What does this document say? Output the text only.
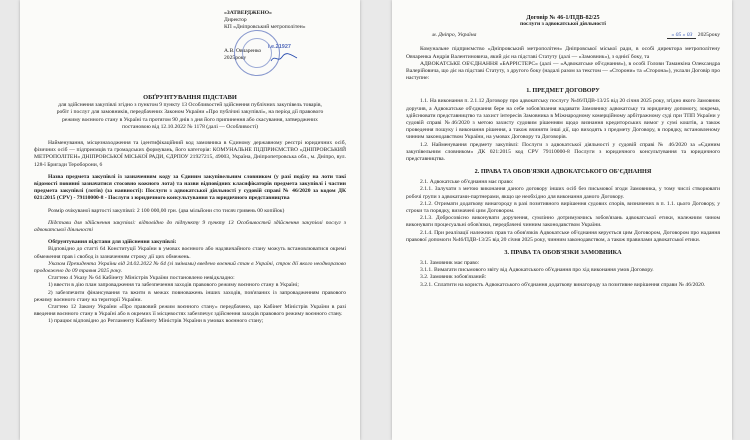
«ЗАТВЕРДЖЕНО»

Директор

КП «Дніпровський метрополітен»

А.В. Овчаренко

2025року

i.e.21927

ОБҐРУНТУВАННЯ ПІДСТАВИ

для здійснення закупівлі згідно з пунктом 9 пункту 13 Особливостей здійснення публічних закупівель товарів, робіт і послуг для замовників, передбачених Законом України «Про публічні закупівлі», на період дії правового режиму воєнного стану в Україні та протягом 90 днів з дня його припинення або скасування, затверджених постановою від 12.10.2022 № 1178 (далі — Особливості)

Найменування, місцезнаходження та ідентифікаційний код замовника в Єдиному державному реєстрі юридичних осіб, фізичних осіб — підприємців та громадських формувань, його категорія: КОМУНАЛЬНЕ ПІДПРИЄМСТВО «ДНІПРОВСЬКИЙ МЕТРОПОЛІТЕН» ДНІПРОВСЬКОЇ МІСЬКОЇ РАДИ, ЄДРПОУ 21927215, 49003, Україна, Дніпропетровська обл., м. Дніпро, вул. 128-ї Бригади Тероборони, 6

Назва предмета закупівлі із зазначенням коду за Єдиним закупівельним словником (у разі поділу на лоти такі відомості повинні зазначатися стосовно кожного лота) та назви відповідних класифікаторів предмета закупівлі і частин предмета закупівлі (лотів) (за наявності): Послуги з адвокатської діяльності у судовій справі № 46/2020 за кодом ДК 021:2015 (CPV) - 79110000-8 - Послуги з юридичного консультування та юридичного представництва

Розмір очікуваної вартості закупівлі: 2 100 000,00 грн. (два мільйони сто тисяч гривень 00 копійок)

Підстави для здійснення закупівлі: відповідно до підпункту 9 пункту 13 Особливостей здійснення закупівлі послуг з адвокатської діяльності

Обґрунтування підстави для здійснення закупівлі:

Відповідно до статті 64 Конституції України в умовах воєнного або надзвичайного стану можуть встановлюватися окремі обмеження прав і свобод із зазначенням строку дії цих обмежень.

Указом Президента України від 24.02.2022 № 64 (зі змінами) введено воєнний стан в Україні, строк дії якого неодноразово продовжено до 09 травня 2025 року.

Статтею 4 Указу № 64 Кабінету Міністрів України постановлено невідкладно:

1) ввести в дію план запровадження та забезпечення заходів правового режиму воєнного стану в Україні;

2) забезпечити фінансування та вжити в межах повноважень інших заходів, пов'язаних із запровадженням правового режиму воєнного стану на території України.

Статтею 12 Закону України «Про правовий режим воєнного стану» передбачено, що Кабінет Міністрів України в разі введення воєнного стану в Україні або в окремих її місцевостях забезпечує здійснення заходів правового режиму воєнного стану.

1) працює відповідно до Регламенту Кабінету Міністрів України в умовах воєнного стану;

Договір № 46-1/ПДВ-82/25

послуги з адвокатської діяльності

м. Дніпро, Україна	« 05 » 03 2025року

Комунальне підприємство «Дніпровський метрополітен» Дніпровської міської ради, в особі директора метрополітену Овчаренка Андрія Валентиновича, який діє на підставі Статуту (далі — «Замовник»), з однієї боку, та

АДВОКАТСЬКЕ ОБ'ЄДНАННЯ «БАРРІСТЕРС» (далі — «Адвокатське об'єднання»), в особі Голови Таманкіна Олександра Валерійовича, що діє на підставі Статуту, з другого боку (надалі разом за текстом — «Сторони» та «Сторона»), уклали Договір про наступне:

1. ПРЕДМЕТ ДОГОВОРУ

1.1. На виконання п. 2.1.12 Договору про адвокатську послугу №46/ПДВ-13/25 від 20 січня 2025 року, згідно якого Замовник доручив, а Адвокатське об'єднання бере на себе зобов'язання надавати Замовнику адвокатську та юридичну допомогу, зокрема, здійснювати представництво та захист інтересів Замовника в Міжнародному комерційному арбітражному суді при ТПП України у судовій справі №46/2020 з метою захисту судовим рішенням щодо визнання кредиторських вимог у сумі коштів, а також проведення пошуку і виконання рішення, а також вчиняти інші дії, що виходять з предмету Договору, в порядку, встановленому чинним законодавством України, на умовах Договору та Договорів.

1.2. Найменування предмету закупівлі: Послуги з адвокатської діяльності у судовій справі № 46/2020 за «Єдиним закупівельним словником» ДК 021:2015 код CPV 79110000-8 Послуги з юридичного консультування та юридичного представництва.

2. ПРАВА ТА ОБОВ'ЯЗКИ АДВОКАТСЬКОГО ОБ'ЄДНАННЯ

2.1. Адвокатське об'єднання має право:

2.1.1. Залучати з метою виконання даного договору інших осіб без письмової згоди Замовника, у тому числі створювати робочі групи з адвокатами-партнерами, якщо це необхідно для виконання даного Договору.

2.1.2. Отримати додаткову винагороду в разі позитивного вирішення судових спорів, визначених в п. 1.1. цього Договору, у строки та порядку, визначені цим Договором.

2.1.3. Добросовісно виконувати доручення, сумлінно дотримуючись зобов'язань адвокатської етики, належним чином виконувати процесуальні обов'язки, передбачені чинним законодавством України.

2.1.4. При реалізації належних прав та обов'язків Адвокатське об'єднання керується цим Договором, Договором про надання правової допомоги №46/ПДВ-13/25 від 20 січня 2025 року, чинним законодавством, а також правилами адвокатської етики.

3. ПРАВА ТА ОБОВ'ЯЗКИ ЗАМОВНИКА

3.1. Замовник має право:

3.1.1. Вимагати письмового звіту від Адвокатського об'єднання про хід виконання умов Договору.

3.2. Замовник зобов'язаний:

3.2.1. Сплатити на користь Адвокатського об'єднання додаткову винагороду за позитивне вирішення справи № 46/2020.
